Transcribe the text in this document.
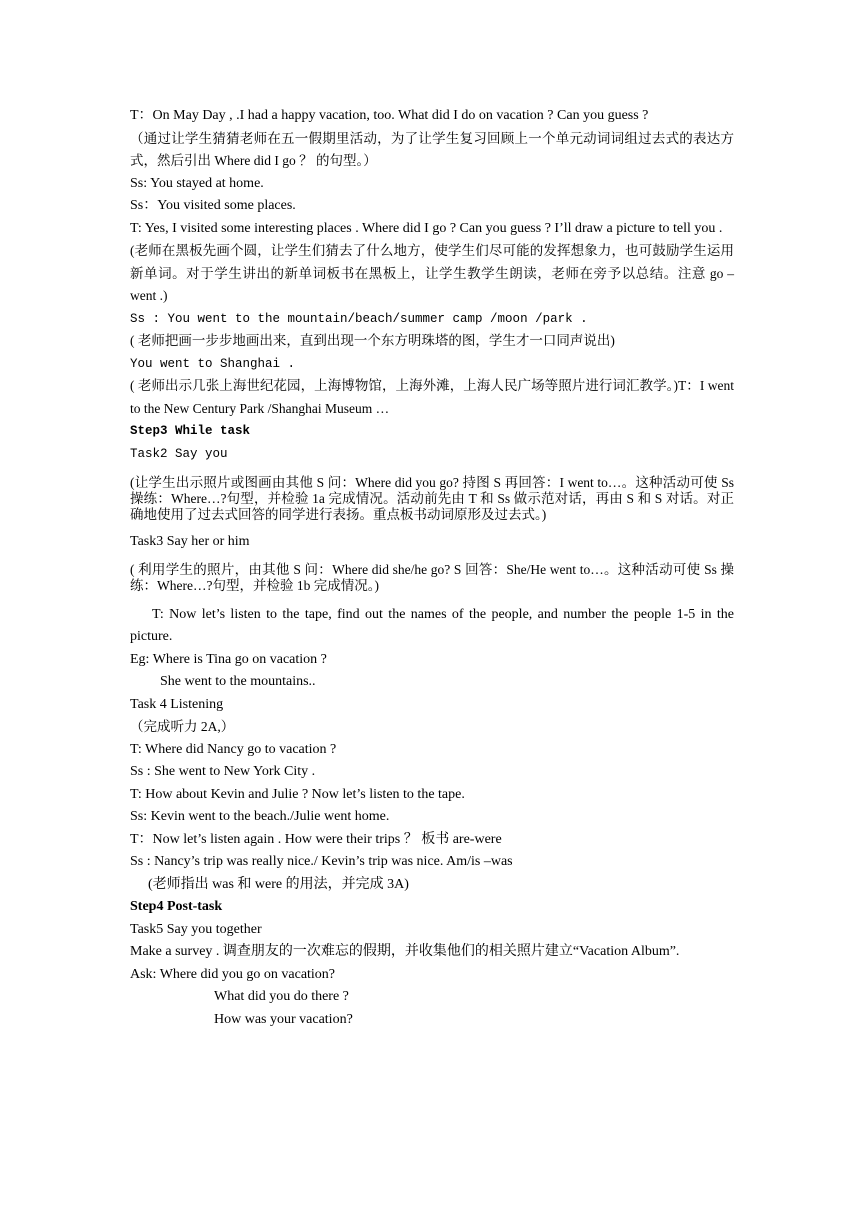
T：On May Day , .I had a happy vacation, too. What did I do on vacation ? Can you guess ?
（通过让学生猜猜老师在五一假期里活动，为了让学生复习回顾上一个单元动词词组过去式的表达方式，然后引出 Where did I go ？ 的句型。）
Ss: You stayed at home.
Ss：You visited some places.
T: Yes, I visited some interesting places . Where did I go ? Can you guess ? I’ll draw a picture to tell you .
(老师在黑板先画个圆，让学生们猜去了什么地方，使学生们尽可能的发挥想象力，也可鼓励学生运用新单词。对于学生讲出的新单词板书在黑板上，让学生教学生朗读，老师在旁予以总结。注意 go – went .)
Ss : You went to the mountain/beach/summer camp /moon /park .
( 老师把画一步步地画出来，直到出现一个东方明珠塔的图，学生才一口同声说出)
You went to Shanghai .
( 老师出示几张上海世纪花园，上海博物馆，上海外滩，上海人民广场等照片进行词汇教学。)T：I went to the New Century Park /Shanghai Museum …
Step3 While task
Task2 Say you
(让学生出示照片或图画由其他 S 问：Where did you go? 持图 S 再回答：I went to…。这种活动可使 Ss 操练：Where…?句型，并检验 1a 完成情况。活动前先由 T 和 Ss 做示范对话，再由 S 和 S 对话。对正确地使用了过去式回答的同学进行表扬。重点板书动词原形及过去式。)
Task3 Say her or him
( 利用学生的照片，由其他 S 问：Where did she/he go? S 回答：She/He went to…。这种活动可使 Ss 操练：Where…?句型，并检验 1b 完成情况。)
T: Now let’s listen to the tape, find out the names of the people, and number the people 1-5 in the picture.
Eg: Where is Tina go on vacation ?
She went to the mountains..
Task 4 Listening
（完成听力 2A,）
T: Where did Nancy go to vacation ?
Ss : She went to New York City .
T: How about Kevin and Julie ? Now let’s listen to the tape.
Ss: Kevin went to the beach./Julie went home.
T：Now let’s listen again . How were their trips ？ 板书 are-were
Ss : Nancy’s trip was really nice./ Kevin’s trip was nice. Am/is –was
(老师指出 was 和 were 的用法，并完成 3A)
Step4 Post-task
Task5 Say you together
Make a survey . 调查朋友的一次难忘的假期，并收集他们的相关照片建立“Vacation Album”.
Ask: Where did you go on vacation?
What did you do there ?
How was your vacation?
